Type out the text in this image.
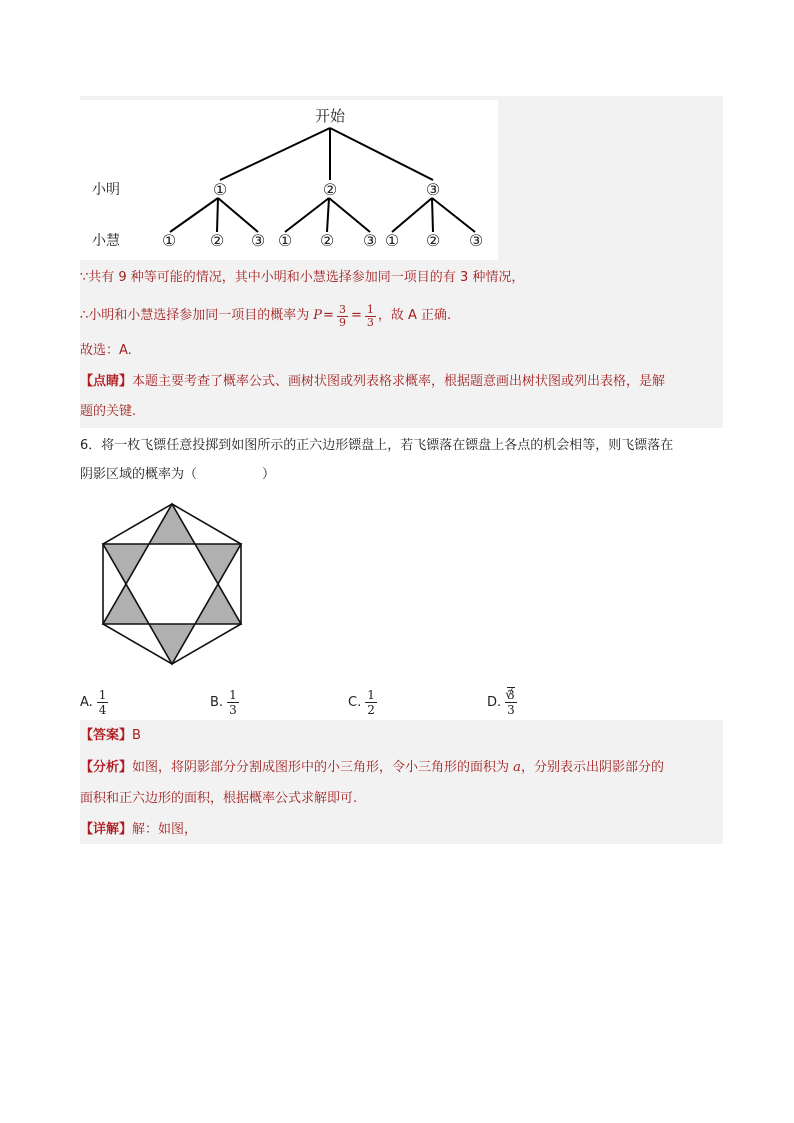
开始
小明
小慧
①	②	③
① ② ③ ① ② ③ ① ② ③
∵共有 9 种等可能的情况，其中小明和小慧选择参加同一项目的有 3 种情况，
∴小明和小慧选择参加同一项目的概率为 $P = \frac{3}{9} = \frac{1}{3}$ ，故 A 正确.
故选：A.
【点睛】本题主要考查了概率公式、画树状图或列表格求概率，根据题意画出树状图或列出表格，是解
题的关键.
6．将一枚飞镖任意投掷到如图所示的正六边形镖盘上，若飞镖落在镖盘上各点的机会相等，则飞镖落在
阴影区域的概率为（　　　　　）
A. $\frac{1}{4}$	B. $\frac{1}{3}$	C. $\frac{1}{2}$	D.
√ $\frac{3}{3}$
【答案】B
【分析】如图，将阴影部分分割成图形中的小三角形，令小三角形的面积为 a，分别表示出阴影部分的
面积和正六边形的面积，根据概率公式求解即可.
【详解】解：如图，
